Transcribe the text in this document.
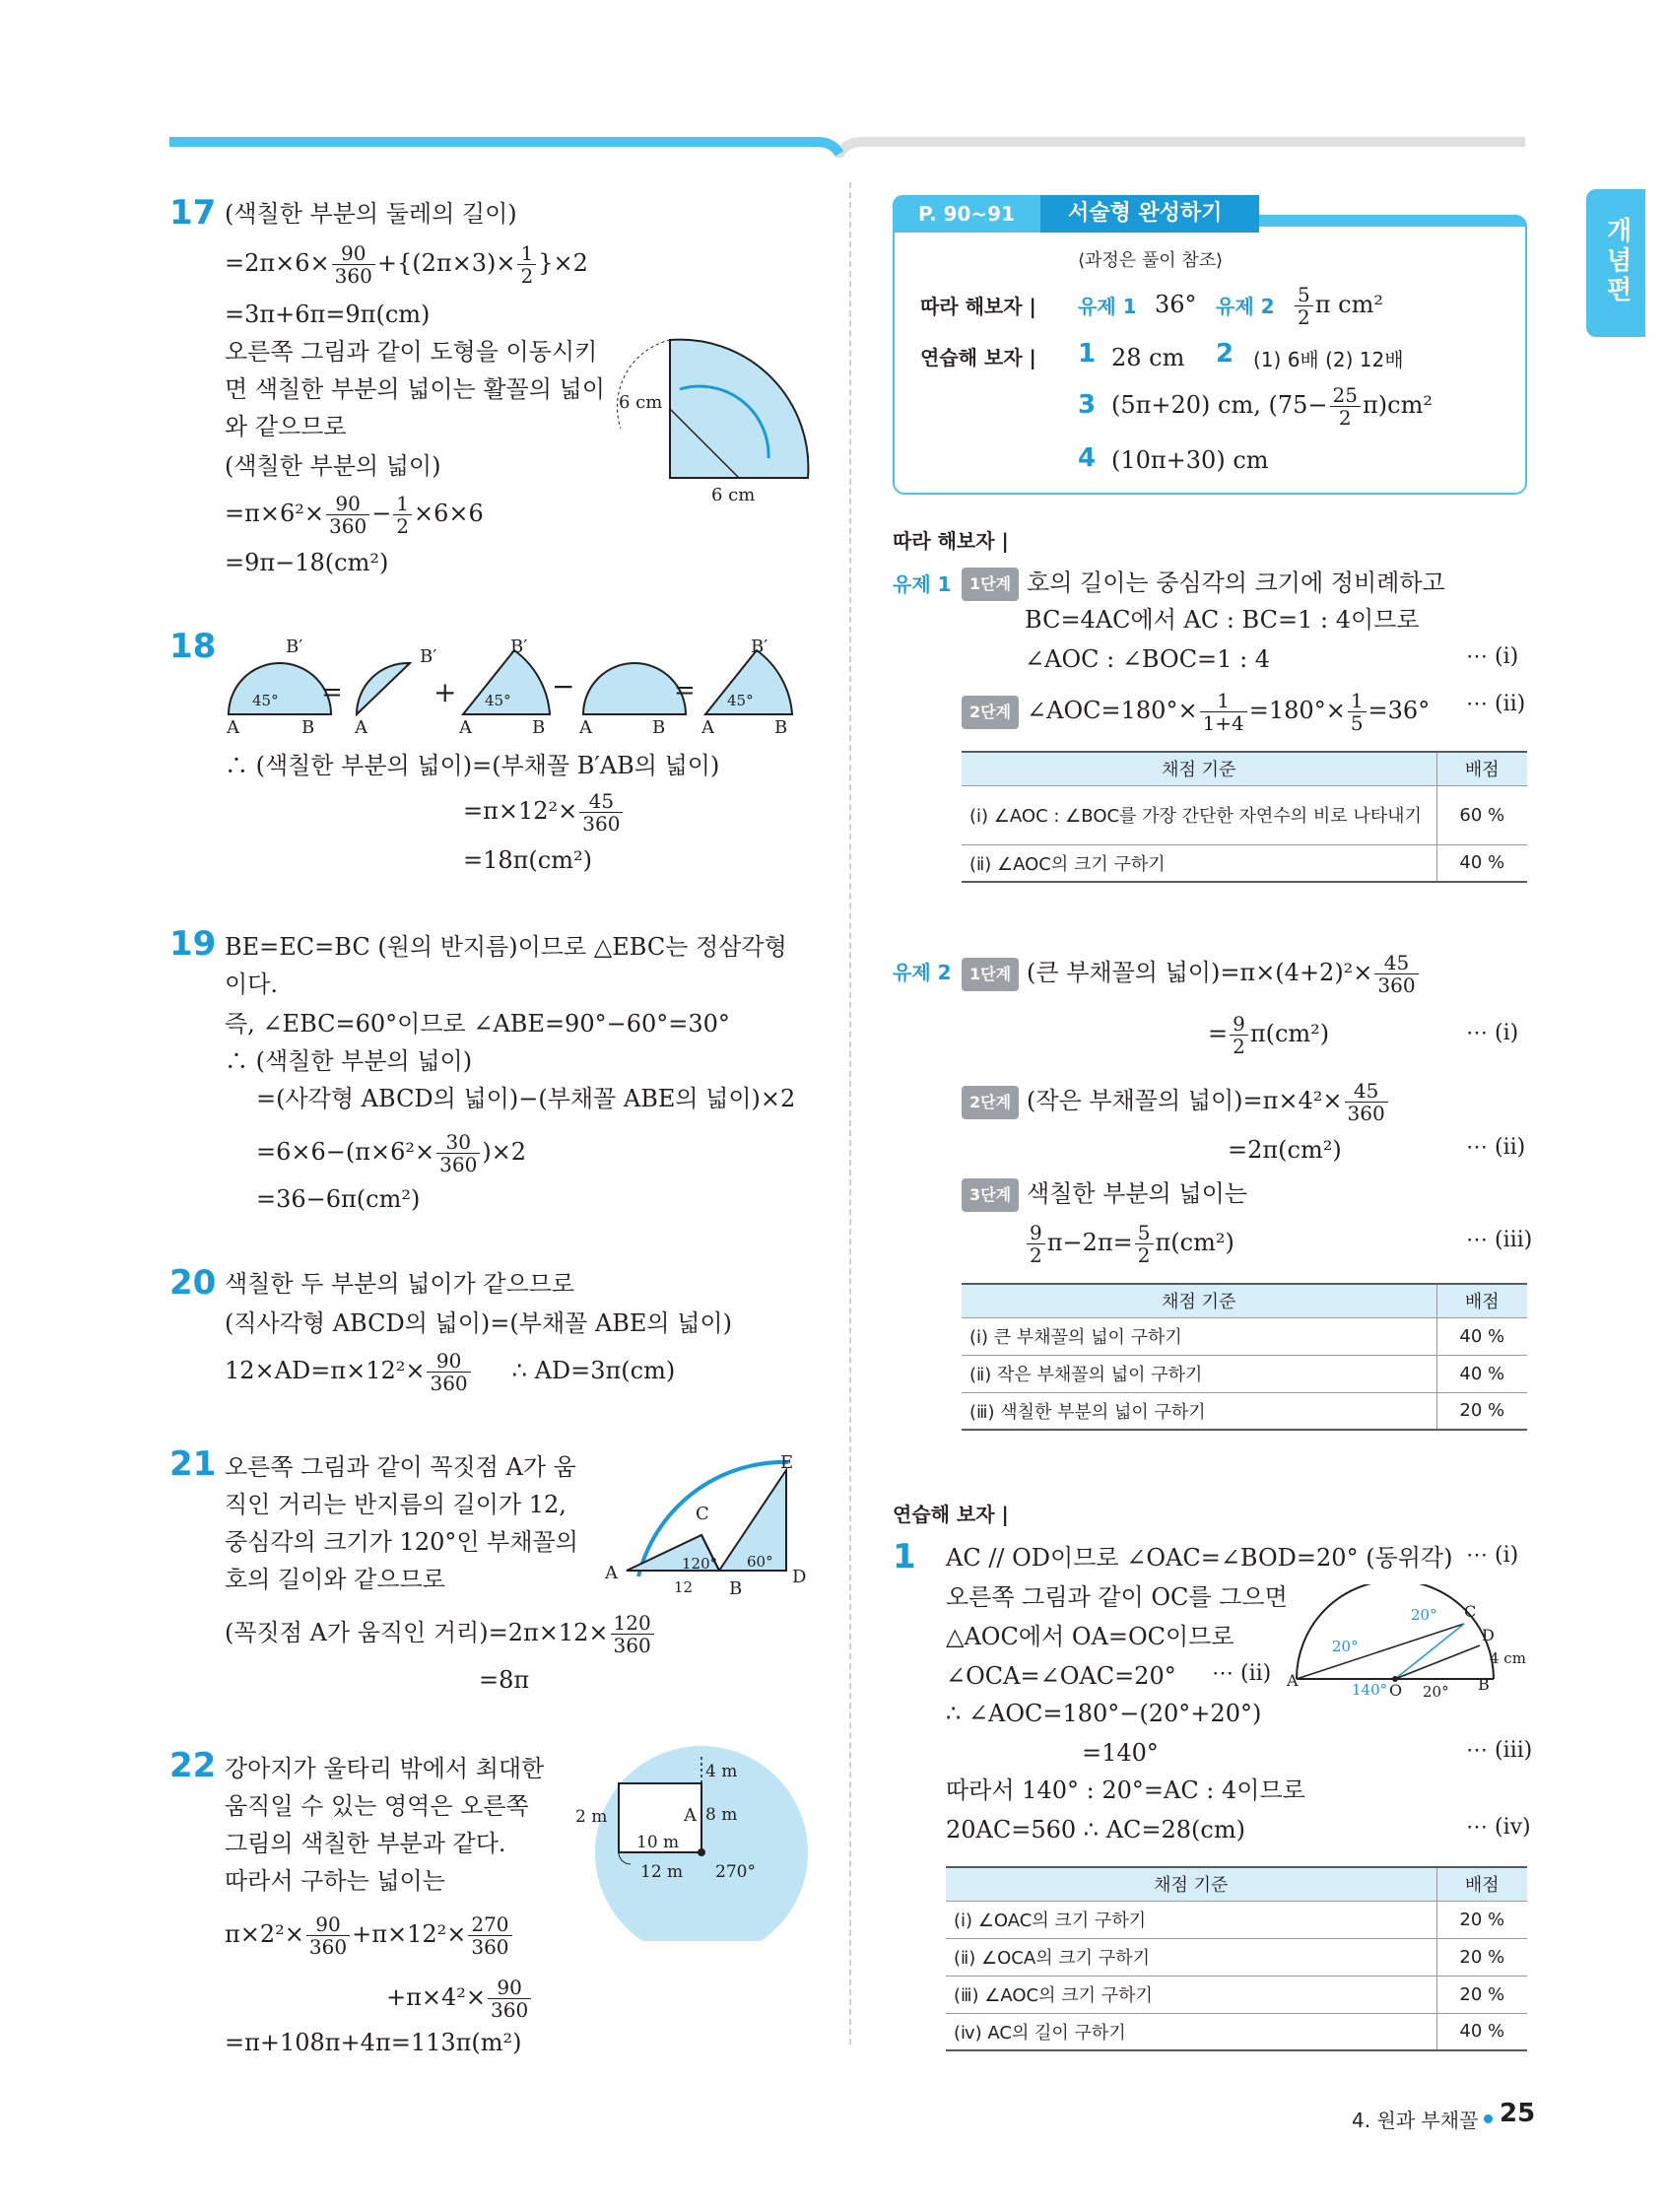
개념편
17 (색칠한 부분의 둘레의 길이)
$=2\pi\times 6\times \frac{90}{360} +\{(2\pi\times 3)\times \frac{1}{2} \}\times 2$
=3π+6π=9π(cm)
오른쪽 그림과 같이 도형을 이동시키
면 색칠한 부분의 넓이는 활꼴의 넓이
와 같으므로
(색칠한 부분의 넓이)
$=\pi\times 6^2\times \frac{90}{360} - \frac{1}{2} \times 6\times 6$
=9π−18(cm²)
6 cm
6 cm
18	B′
45°
A	B
=
B′
A
+
B′
45°
A	B
−
A	B
=
B′
45°
A	B
∴ (색칠한 부분의 넓이)=(부채꼴 B′AB의 넓이)
$=\pi\times 12^2\times \frac{45}{360}$
=18π(cm²)
19 BE=EC=BC (원의 반지름)이므로 △EBC는 정삼각형
이다.
즉, ∠EBC=60°이므로 ∠ABE=90°−60°=30°
∴ (색칠한 부분의 넓이)
=(사각형 ABCD의 넓이)−(부채꼴 ABE의 넓이)×2
$=6\times 6-(\pi\times 6^2\times \frac{30}{360} )\times 2$
=36−6π(cm²)
20 색칠한 두 부분의 넓이가 같으므로
(직사각형 ABCD의 넓이)=(부채꼴 ABE의 넓이)
$12\times AD=\pi\times 12^2\times \frac{90}{360}$ ∴ AD=3π(cm)
21 오른쪽 그림과 같이 꼭짓점 A가 움
직인 거리는 반지름의 길이가 12,
중심각의 크기가 120°인 부채꼴의
호의 길이와 같으므로
(꼭짓점 A가 움직인 거리)$=2\pi\times 12\times \frac{120}{360}$
=8π
E
C
A	120° 60°
D
12 B
22 강아지가 울타리 밖에서 최대한
움직일 수 있는 영역은 오른쪽
그림의 색칠한 부분과 같다.
따라서 구하는 넓이는
$\pi\times 2^2\times \frac{90}{360} +\pi\times 12^2\times \frac{270}{360}$
$+\pi\times 4^2\times \frac{90}{360}$
=π+108π+4π=113π(m²)
4 m
A 8 m
2 m
10 m
12 m 270°
P. 90~91	서술형 완성하기
⟨과정은 풀이 참조⟩
따라 해보자 | 유제 1 36° 유제 $2 \frac{5}{2}$ π cm²
연습해 보자 | 1 28 cm 2 (1) 6배 (2) 12배
3 (5π+20) cm, $(75- \frac{25}{2} \pi)cm^2$
4 (10π+30) cm
따라 해보자 |
유제 1	1단계 호의 길이는 중심각의 크기에 정비례하고
BC=4AC에서 AC : BC=1 : 4이므로
∠AOC : ∠BOC=1 : 4	⋯ (ⅰ)
2단계 ∠AOC=180°× $\frac{1}{1+4} =180^\circ\times \frac{1}{5} =36^\circ$ ⋯ (ⅱ)
채점 기준	배점
(ⅰ) ∠AOC : ∠BOC를 가장 간단한 자연수의 비로 나타내기	60 %
(ⅱ) ∠AOC의 크기 구하기	40 %
유제 2	1단계 (큰 부채꼴의 넓이)$=\pi\times(4+2)^2\times \frac{45}{360}$
= $\frac{9}{2} \pi(cm^2)$	⋯ (ⅰ)
2단계 (작은 부채꼴의 넓이)$=\pi\times 4^2\times \frac{45}{360}$
=2π(cm²)	⋯ (ⅱ)
3단계 색칠한 부분의 넓이는
$\frac{9}{2} \pi-2\pi= \frac{5}{2} \pi(cm^2)$	⋯ (ⅲ)
채점 기준	배점
(ⅰ) 큰 부채꼴의 넓이 구하기	40 %
(ⅱ) 작은 부채꼴의 넓이 구하기	40 %
(ⅲ) 색칠한 부분의 넓이 구하기	20 %
연습해 보자 |
1 AC // OD이므로 ∠OAC=∠BOD=20° (동위각) ⋯ (ⅰ)
오른쪽 그림과 같이 OC를 그으면
△AOC에서 OA=OC이므로
∠OCA=∠OAC=20° ⋯ (ⅱ)
∴ ∠AOC=180°−(20°+20°)
=140°	⋯ (ⅲ)
따라서 140° : 20°=AC : 4이므로
20AC=560 ∴ AC=28(cm)	⋯ (ⅳ)
C
D
20°
20°
4 cm
A	140° O 20° B
채점 기준	배점
(ⅰ) ∠OAC의 크기 구하기	20 %
(ⅱ) ∠OCA의 크기 구하기	20 %
(ⅲ) ∠AOC의 크기 구하기	20 %
(ⅳ) AC의 길이 구하기	40 %
4. 원과 부채꼴 25
